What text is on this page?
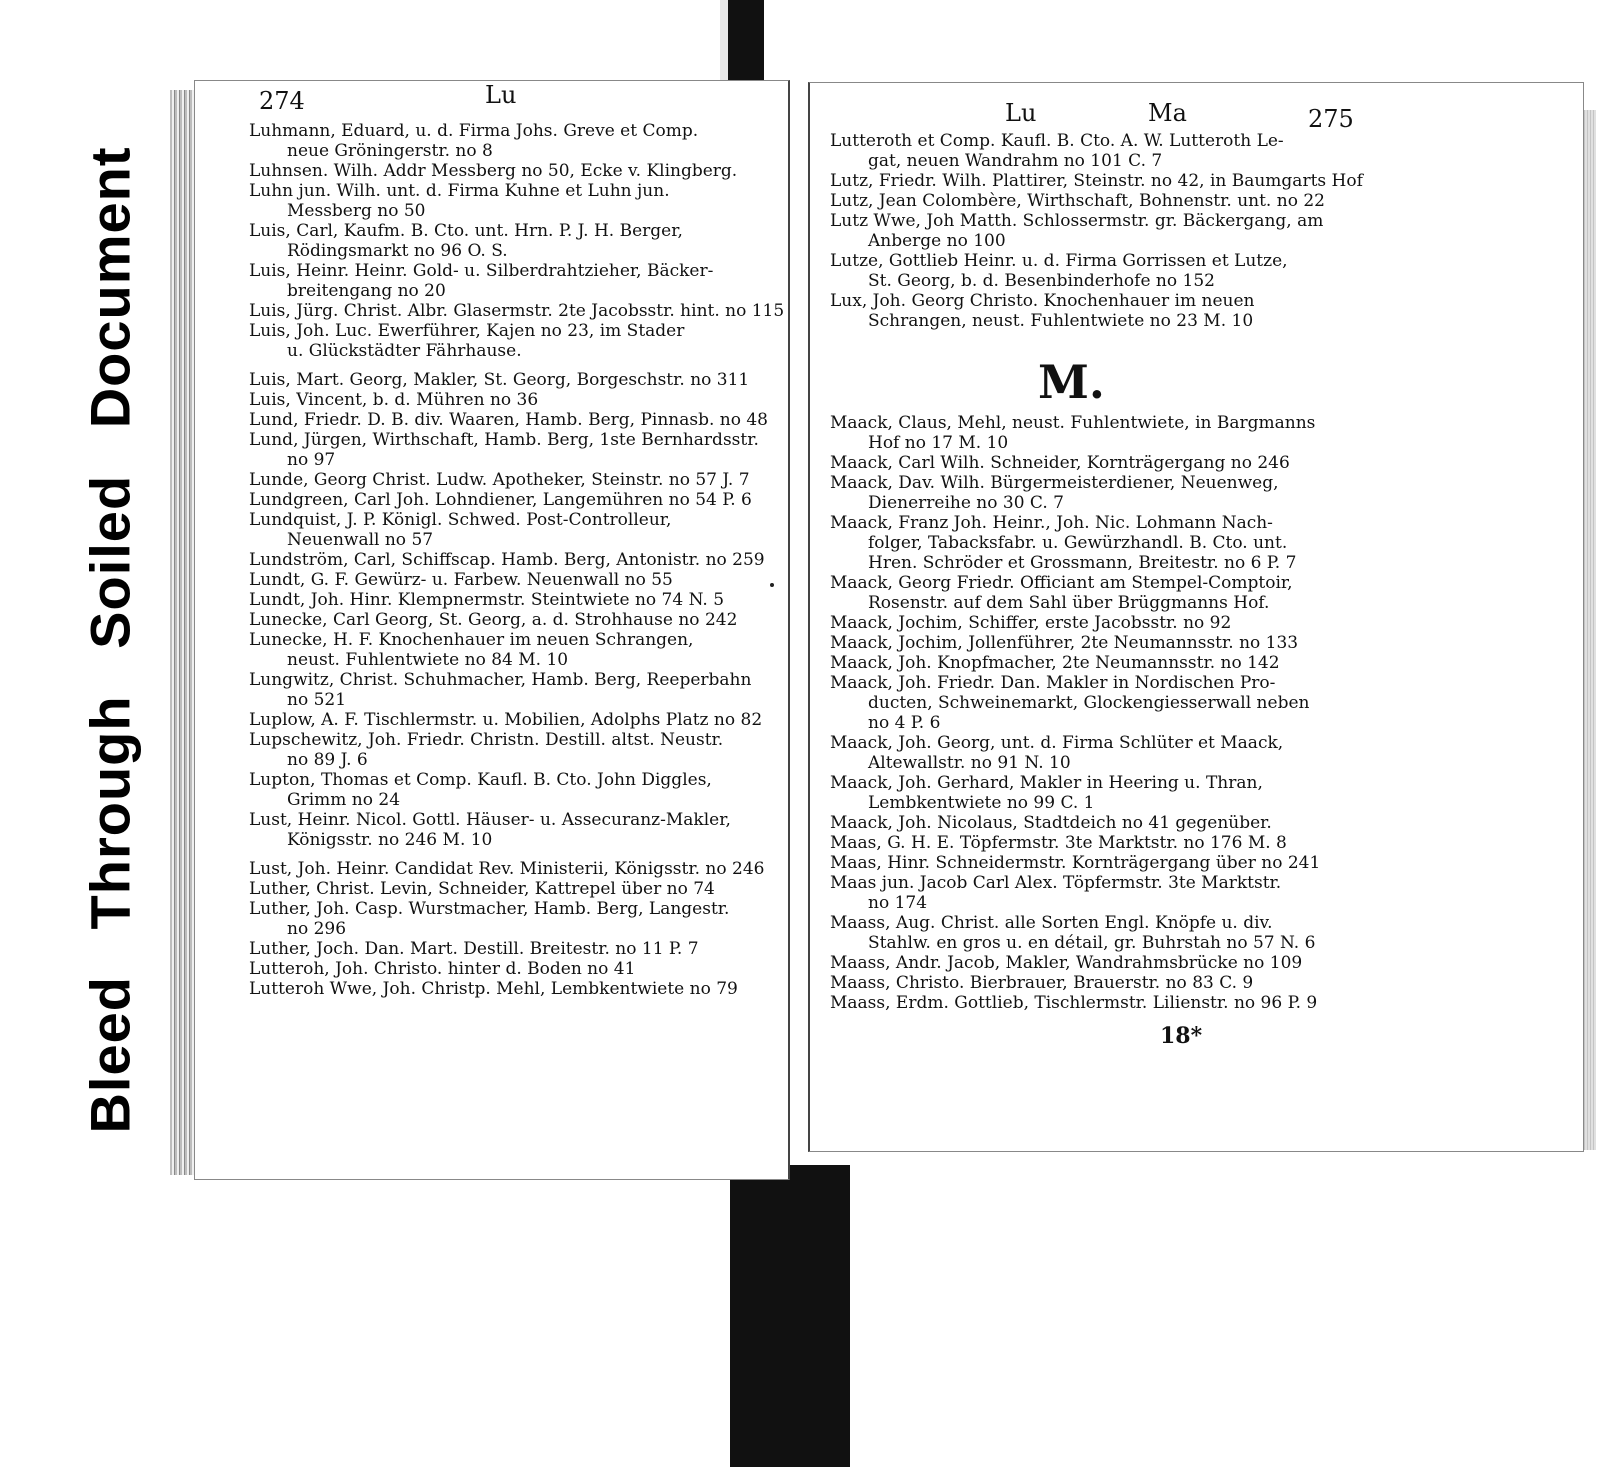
Bleed Through Soiled Document
274	Lu
Luhmann, Eduard, u. d. Firma Johs. Greve et Comp.
neue Gröningerstr. no 8
Luhnsen. Wilh. Addr Messberg no 50, Ecke v. Klingberg.
Luhn jun. Wilh. unt. d. Firma Kuhne et Luhn jun.
Messberg no 50
Luis, Carl, Kaufm. B. Cto. unt. Hrn. P. J. H. Berger,
Rödingsmarkt no 96 O. S.
Luis, Heinr. Heinr. Gold- u. Silberdrahtzieher, Bäcker-
breitengang no 20
Luis, Jürg. Christ. Albr. Glasermstr. 2te Jacobsstr. hint. no 115
Luis, Joh. Luc. Ewerführer, Kajen no 23, im Stader
u. Glückstädter Fährhause.
Luis, Mart. Georg, Makler, St. Georg, Borgeschstr. no 311
Luis, Vincent, b. d. Mühren no 36
Lund, Friedr. D. B. div. Waaren, Hamb. Berg, Pinnasb. no 48
Lund, Jürgen, Wirthschaft, Hamb. Berg, 1ste Bernhardsstr.
no 97
Lunde, Georg Christ. Ludw. Apotheker, Steinstr. no 57 J. 7
Lundgreen, Carl Joh. Lohndiener, Langemühren no 54 P. 6
Lundquist, J. P. Königl. Schwed. Post-Controlleur,
Neuenwall no 57
Lundström, Carl, Schiffscap. Hamb. Berg, Antonistr. no 259
Lundt, G. F. Gewürz- u. Farbew. Neuenwall no 55
Lundt, Joh. Hinr. Klempnermstr. Steintwiete no 74 N. 5
Lunecke, Carl Georg, St. Georg, a. d. Strohhause no 242
Lunecke, H. F. Knochenhauer im neuen Schrangen,
neust. Fuhlentwiete no 84 M. 10
Lungwitz, Christ. Schuhmacher, Hamb. Berg, Reeperbahn
no 521
Luplow, A. F. Tischlermstr. u. Mobilien, Adolphs Platz no 82
Lupschewitz, Joh. Friedr. Christn. Destill. altst. Neustr.
no 89 J. 6
Lupton, Thomas et Comp. Kaufl. B. Cto. John Diggles,
Grimm no 24
Lust, Heinr. Nicol. Gottl. Häuser- u. Assecuranz-Makler,
Königsstr. no 246 M. 10
Lust, Joh. Heinr. Candidat Rev. Ministerii, Königsstr. no 246
Luther, Christ. Levin, Schneider, Kattrepel über no 74
Luther, Joh. Casp. Wurstmacher, Hamb. Berg, Langestr.
no 296
Luther, Joch. Dan. Mart. Destill. Breitestr. no 11 P. 7
Lutteroh, Joh. Christo. hinter d. Boden no 41
Lutteroh Wwe, Joh. Christp. Mehl, Lembkentwiete no 79
Lu	Ma	275
Lutteroth et Comp. Kaufl. B. Cto. A. W. Lutteroth Le-
gat, neuen Wandrahm no 101 C. 7
Lutz, Friedr. Wilh. Plattirer, Steinstr. no 42, in Baumgarts Hof
Lutz, Jean Colombère, Wirthschaft, Bohnenstr. unt. no 22
Lutz Wwe, Joh Matth. Schlossermstr. gr. Bäckergang, am
Anberge no 100
Lutze, Gottlieb Heinr. u. d. Firma Gorrissen et Lutze,
St. Georg, b. d. Besenbinderhofe no 152
Lux, Joh. Georg Christo. Knochenhauer im neuen
Schrangen, neust. Fuhlentwiete no 23 M. 10
M.
Maack, Claus, Mehl, neust. Fuhlentwiete, in Bargmanns
Hof no 17 M. 10
Maack, Carl Wilh. Schneider, Kornträgergang no 246
Maack, Dav. Wilh. Bürgermeisterdiener, Neuenweg,
Dienerreihe no 30 C. 7
Maack, Franz Joh. Heinr., Joh. Nic. Lohmann Nach-
folger, Tabacksfabr. u. Gewürzhandl. B. Cto. unt.
Hren. Schröder et Grossmann, Breitestr. no 6 P. 7
Maack, Georg Friedr. Officiant am Stempel-Comptoir,
Rosenstr. auf dem Sahl über Brüggmanns Hof.
Maack, Jochim, Schiffer, erste Jacobsstr. no 92
Maack, Jochim, Jollenführer, 2te Neumannsstr. no 133
Maack, Joh. Knopfmacher, 2te Neumannsstr. no 142
Maack, Joh. Friedr. Dan. Makler in Nordischen Pro-
ducten, Schweinemarkt, Glockengiesserwall neben
no 4 P. 6
Maack, Joh. Georg, unt. d. Firma Schlüter et Maack,
Altewallstr. no 91 N. 10
Maack, Joh. Gerhard, Makler in Heering u. Thran,
Lembkentwiete no 99 C. 1
Maack, Joh. Nicolaus, Stadtdeich no 41 gegenüber.
Maas, G. H. E. Töpfermstr. 3te Marktstr. no 176 M. 8
Maas, Hinr. Schneidermstr. Kornträgergang über no 241
Maas jun. Jacob Carl Alex. Töpfermstr. 3te Marktstr.
no 174
Maass, Aug. Christ. alle Sorten Engl. Knöpfe u. div.
Stahlw. en gros u. en détail, gr. Buhrstah no 57 N. 6
Maass, Andr. Jacob, Makler, Wandrahmsbrücke no 109
Maass, Christo. Bierbrauer, Brauerstr. no 83 C. 9
Maass, Erdm. Gottlieb, Tischlermstr. Lilienstr. no 96 P. 9
18*
